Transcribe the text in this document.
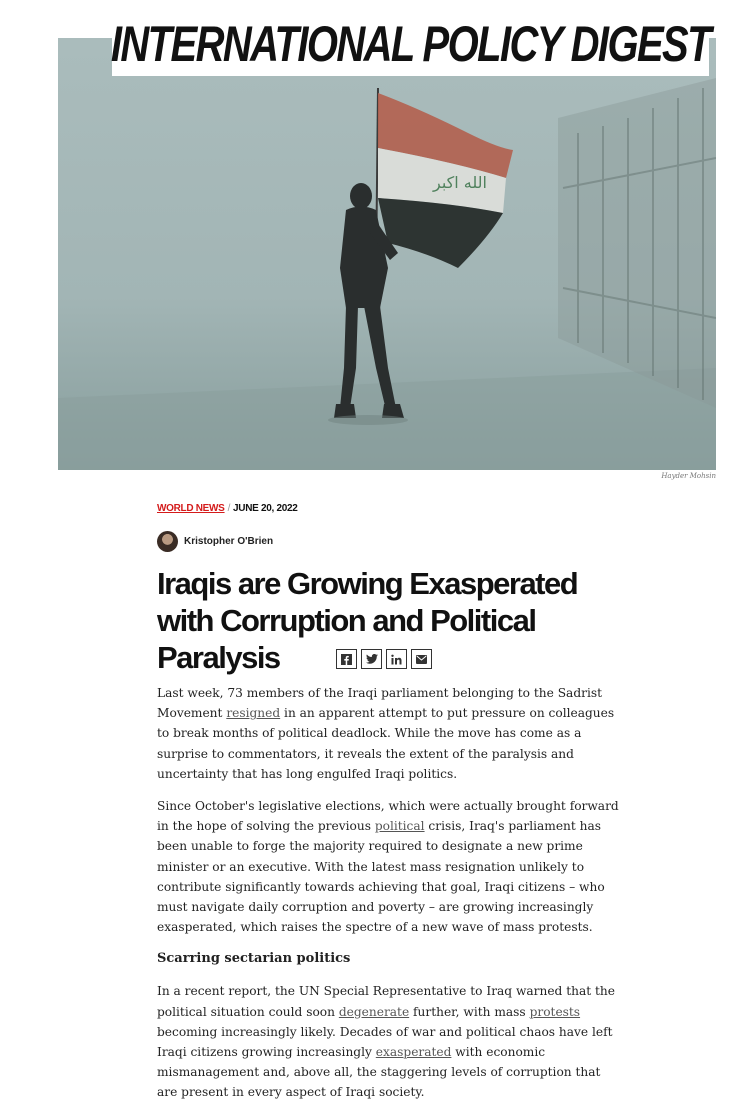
الله اكبر
INTERNATIONAL POLICY DIGEST
Hayder Mohsin
WORLD NEWS / JUNE 20, 2022
Kristopher O'Brien
Iraqis are Growing Exasperated with Corruption and Political Paralysis

Last week, 73 members of the Iraqi parliament belonging to the Sadrist Movement resigned in an apparent attempt to put pressure on colleagues to break months of political deadlock. While the move has come as a surprise to commentators, it reveals the extent of the paralysis and uncertainty that has long engulfed Iraqi politics.

Since October's legislative elections, which were actually brought forward in the hope of solving the previous political crisis, Iraq's parliament has been unable to forge the majority required to designate a new prime minister or an executive. With the latest mass resignation unlikely to contribute significantly towards achieving that goal, Iraqi citizens – who must navigate daily corruption and poverty – are growing increasingly exasperated, which raises the spectre of a new wave of mass protests.

Scarring sectarian politics

In a recent report, the UN Special Representative to Iraq warned that the political situation could soon degenerate further, with mass protests becoming increasingly likely. Decades of war and political chaos have left Iraqi citizens growing increasingly exasperated with economic mismanagement and, above all, the staggering levels of corruption that are present in every aspect of Iraqi society.
